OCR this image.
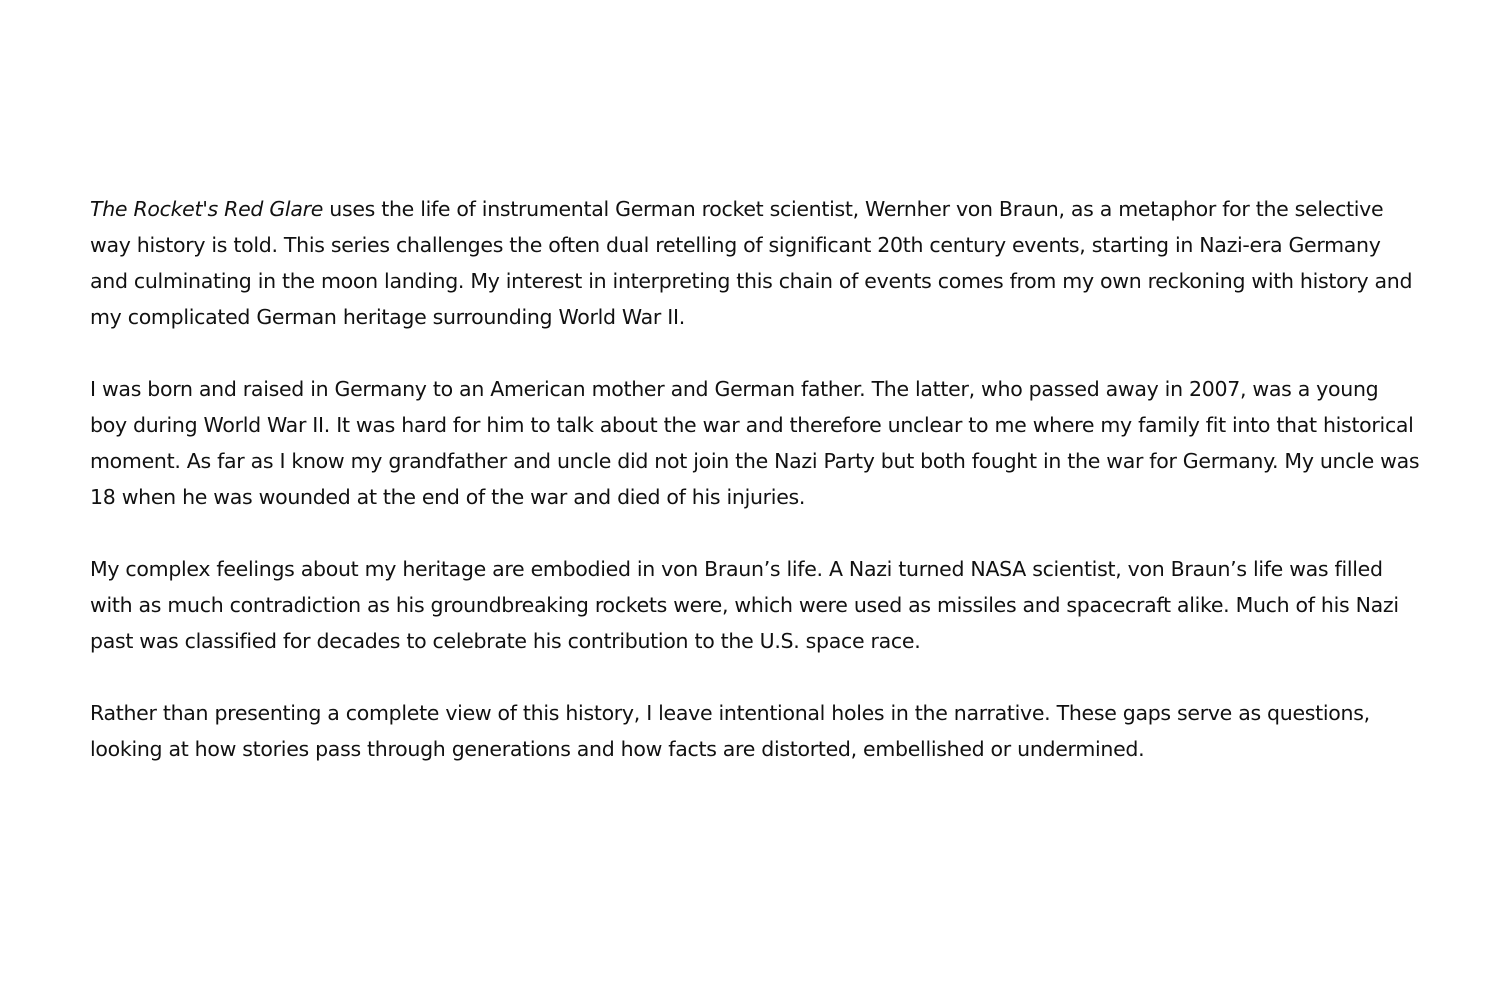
The Rocket's Red Glare uses the life of instrumental German rocket scientist, Wernher von Braun, as a metaphor for the selective way history is told. This series challenges the often dual retelling of significant 20th century events, starting in Nazi-era Germany and culminating in the moon landing. My interest in interpreting this chain of events comes from my own reckoning with history and my complicated German heritage surrounding World War II.

I was born and raised in Germany to an American mother and German father. The latter, who passed away in 2007, was a young boy during World War II. It was hard for him to talk about the war and therefore unclear to me where my family fit into that historical moment. As far as I know my grandfather and uncle did not join the Nazi Party but both fought in the war for Germany. My uncle was 18 when he was wounded at the end of the war and died of his injuries.

My complex feelings about my heritage are embodied in von Braun’s life. A Nazi turned NASA scientist, von Braun’s life was filled with as much contradiction as his groundbreaking rockets were, which were used as missiles and spacecraft alike. Much of his Nazi past was classified for decades to celebrate his contribution to the U.S. space race.

Rather than presenting a complete view of this history, I leave intentional holes in the narrative. These gaps serve as questions, looking at how stories pass through generations and how facts are distorted, embellished or undermined.
